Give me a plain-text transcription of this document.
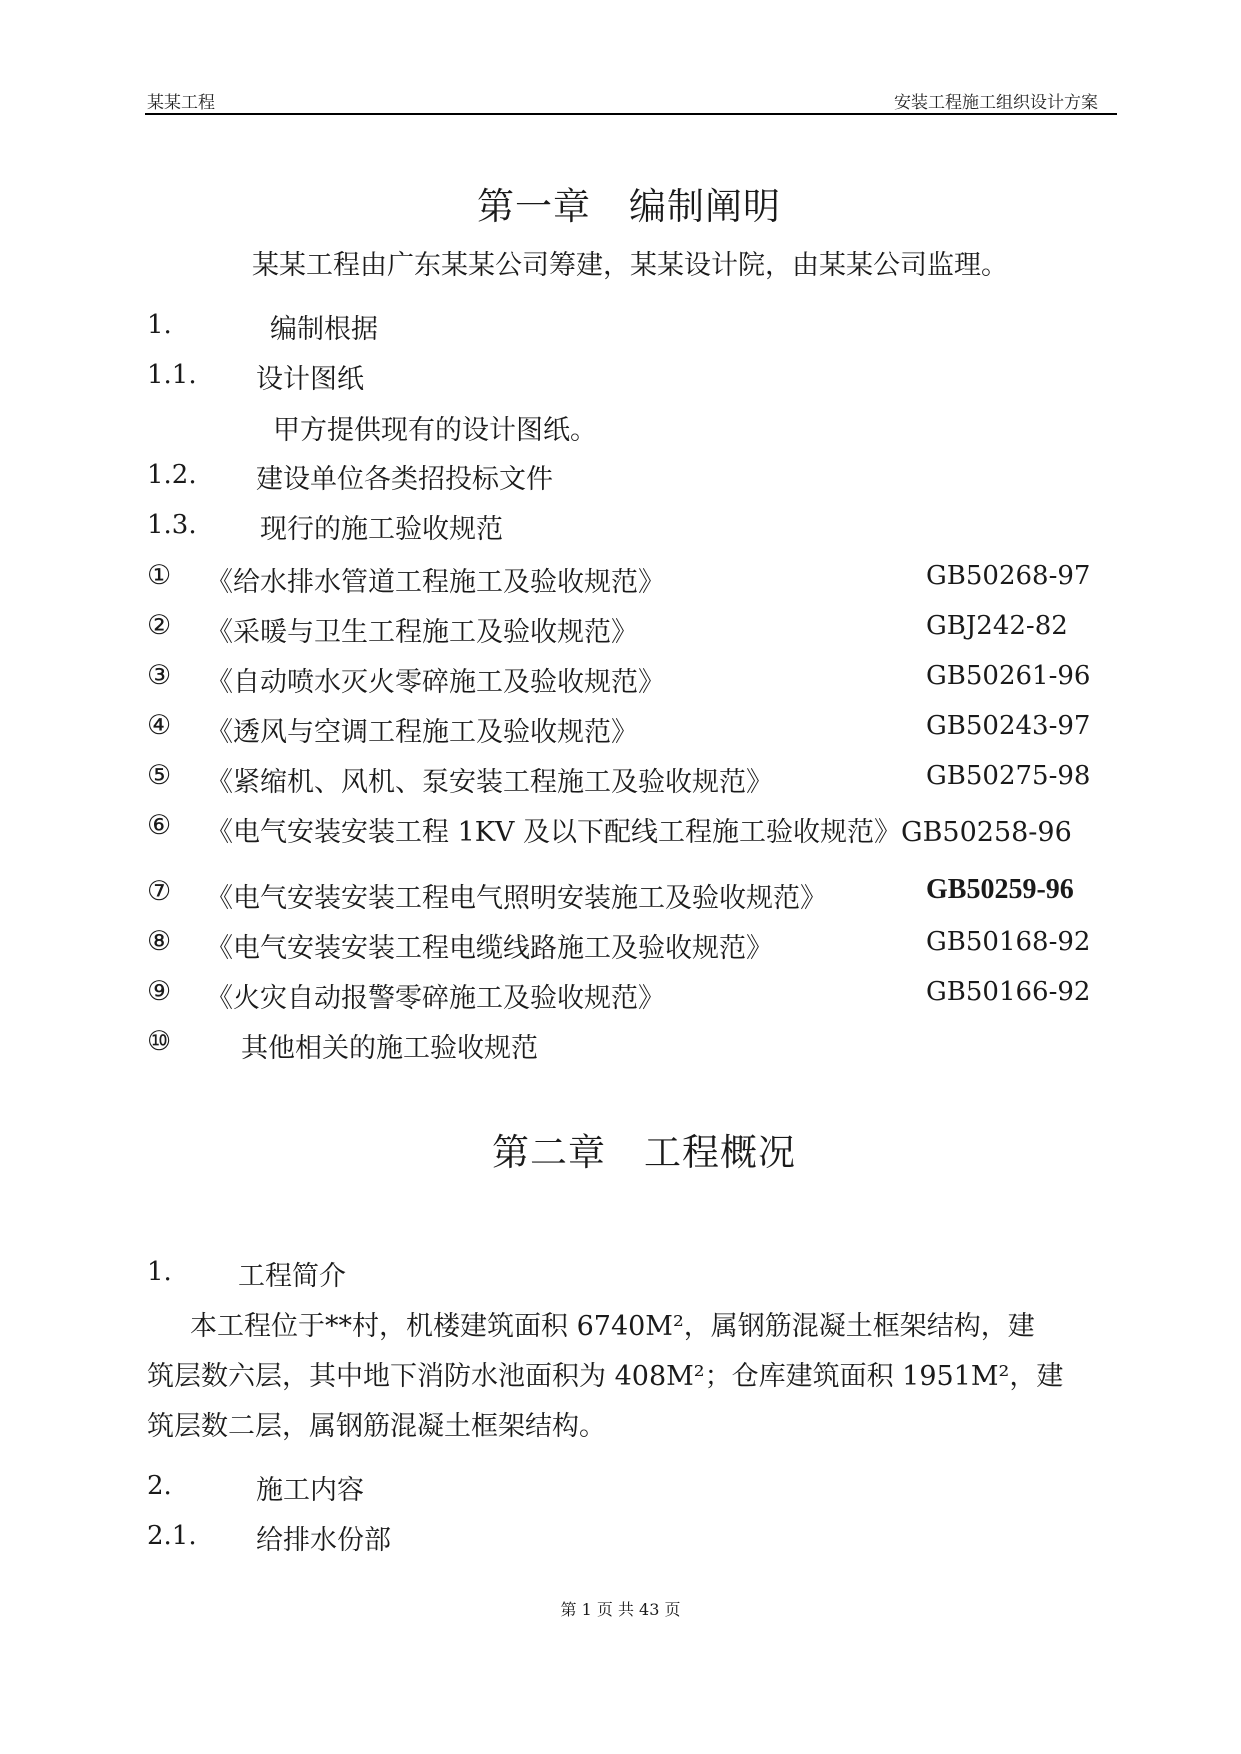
某某工程	安装工程施工组织设计方案
第一章　编制阐明
某某工程由广东某某公司筹建，某某设计院，由某某公司监理。
1.	编制根据
1.1. 设计图纸
甲方提供现有的设计图纸。
1.2. 建设单位各类招投标文件
1.3. 现行的施工验收规范
① 《给水排水管道工程施工及验收规范》	GB50268-97
② 《采暖与卫生工程施工及验收规范》	GBJ242-82
③ 《自动喷水灭火零碎施工及验收规范》	GB50261-96
④ 《透风与空调工程施工及验收规范》	GB50243-97
⑤ 《紧缩机、风机、泵安装工程施工及验收规范》	GB50275-98
⑥ 《电气安装安装工程 1KV 及以下配线工程施工验收规范》GB50258-96
⑦ 《电气安装安装工程电气照明安装施工及验收规范》	GB50259-96
⑧ 《电气安装安装工程电缆线路施工及验收规范》	GB50168-92
⑨ 《火灾自动报警零碎施工及验收规范》	GB50166-92
⑩	其他相关的施工验收规范
第二章　工程概况
1. 工程简介
本工程位于**村，机楼建筑面积 6740M²，属钢筋混凝土框架结构，建
筑层数六层，其中地下消防水池面积为 408M²；仓库建筑面积 1951M²，建
筑层数二层，属钢筋混凝土框架结构。
2.	施工内容
2.1. 给排水份部
第 1 页 共 43 页
